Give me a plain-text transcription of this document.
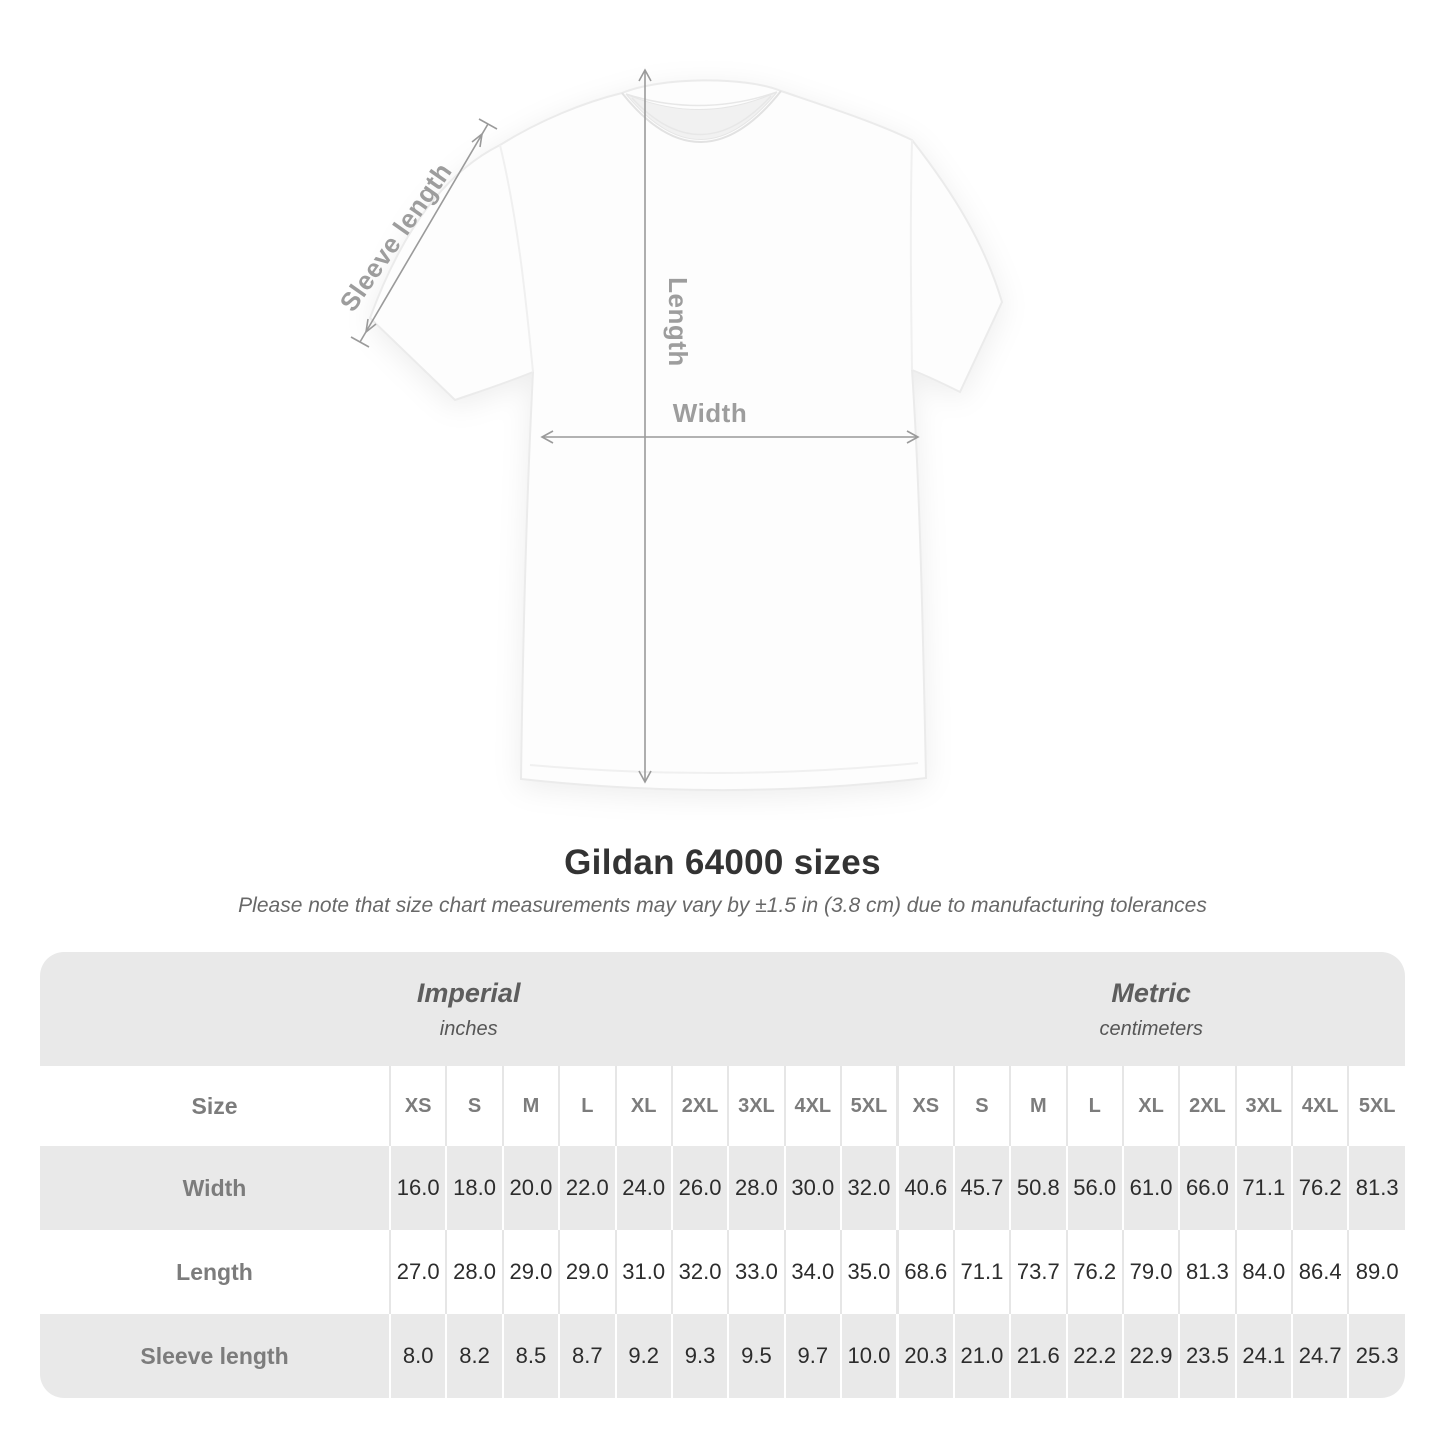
Sleeve length
Length
Width
Gildan 64000 sizes
Please note that size chart measurements may vary by ±1.5 in (3.8 cm) due to manufacturing tolerances
Imperial
inches

Metric
centimeters

Size	XS	S	M	L	XL	2XL	3XL	4XL	5XL	XS	S	M	L	XL	2XL	3XL	4XL	5XL
Width	16.0	18.0	20.0	22.0	24.0	26.0	28.0	30.0	32.0	40.6	45.7	50.8	56.0	61.0	66.0	71.1	76.2	81.3
Length	27.0	28.0	29.0	29.0	31.0	32.0	33.0	34.0	35.0	68.6	71.1	73.7	76.2	79.0	81.3	84.0	86.4	89.0
Sleeve length	8.0	8.2	8.5	8.7	9.2	9.3	9.5	9.7	10.0	20.3	21.0	21.6	22.2	22.9	23.5	24.1	24.7	25.3
